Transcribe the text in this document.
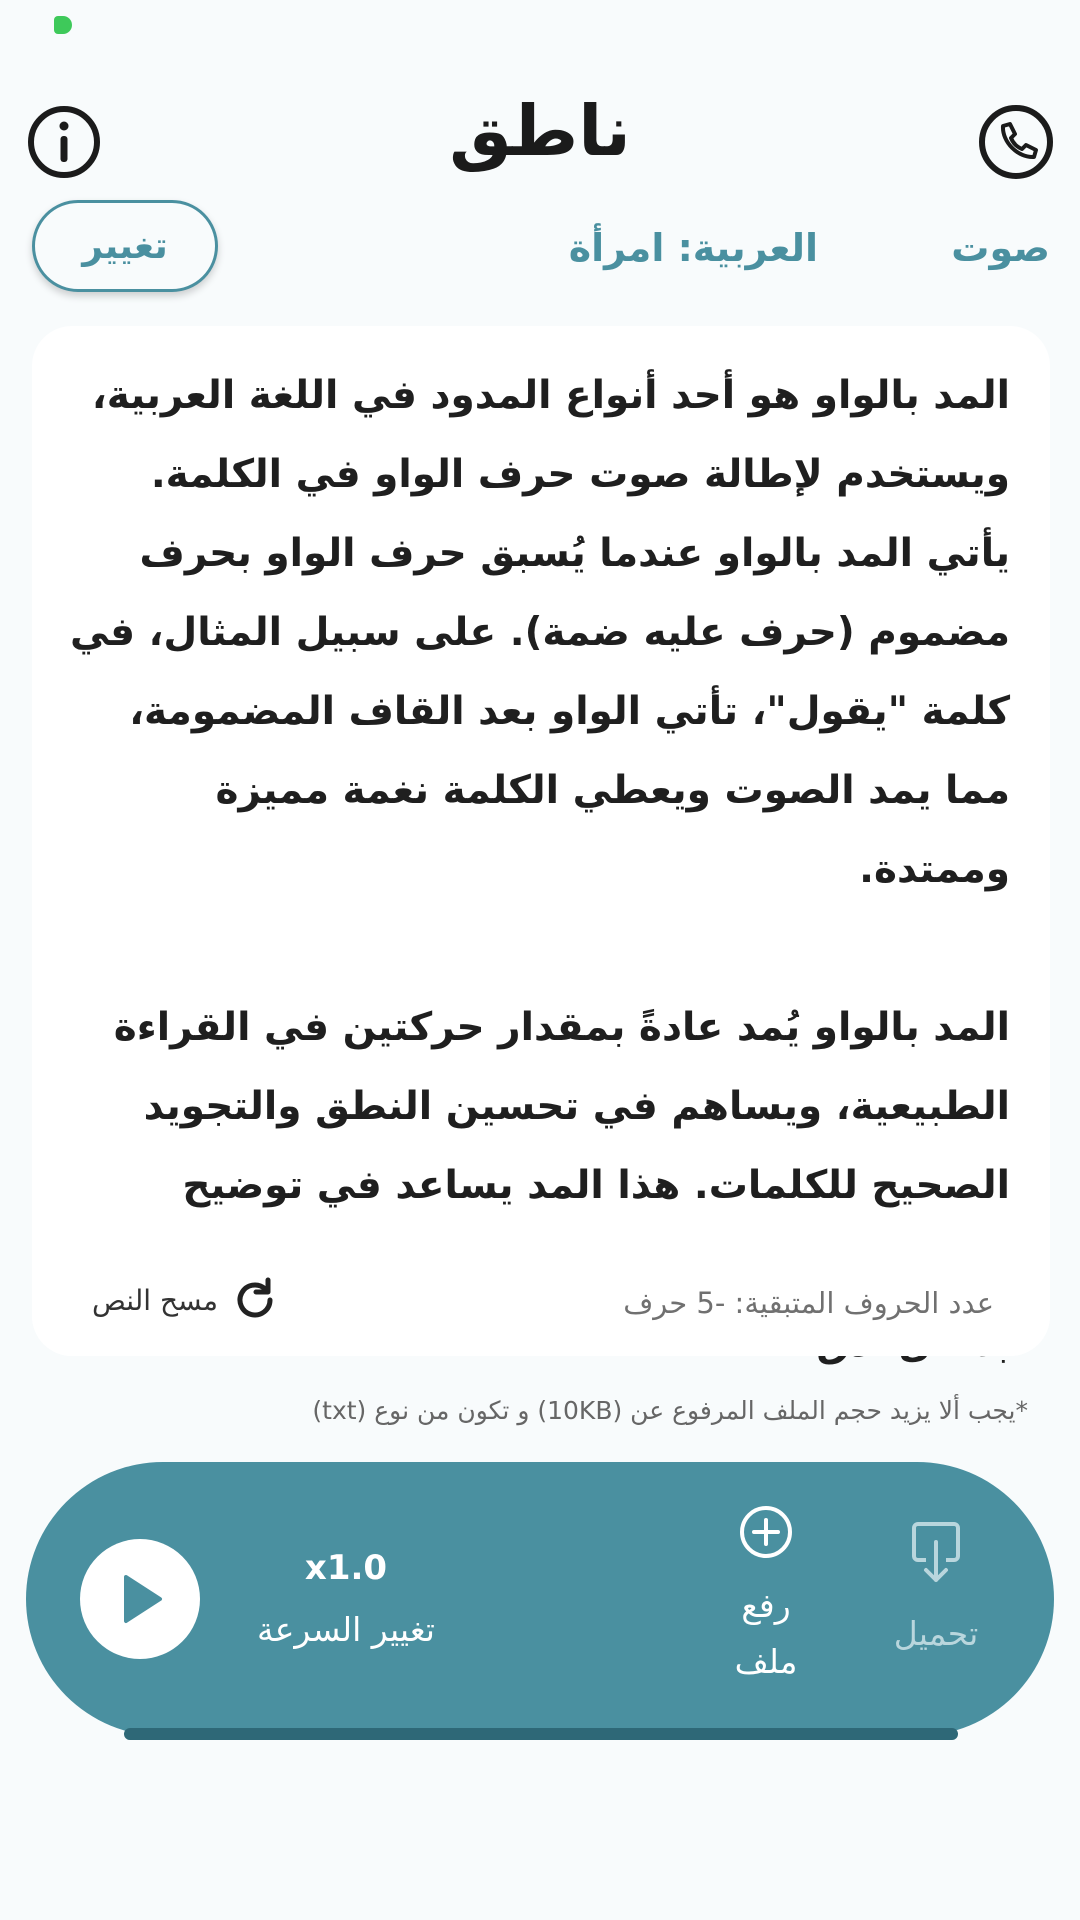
ناطق
صوت
العربية: امرأة
تغيير
المد بالواو هو أحد أنواع المدود في اللغة العربية، ويستخدم لإطالة صوت حرف الواو في الكلمة. يأتي المد بالواو عندما يُسبق حرف الواو بحرف مضموم (حرف عليه ضمة). على سبيل المثال، في كلمة "يقول"، تأتي الواو بعد القاف المضمومة، مما يمد الصوت ويعطي الكلمة نغمة مميزة وممتدة.

المد بالواو يُمد عادةً بمقدار حركتين في القراءة الطبيعية، ويساهم في تحسين النطق والتجويد الصحيح للكلمات. هذا المد يساعد في توضيح
عدد الحروف المتبقية: -5 حرف
مسح النص
*يجب ألا يزيد حجم الملف المرفوع عن (10KB) و تكون من نوع (txt)
x1.0
تغيير السرعة
رفع ملف
تحميل
